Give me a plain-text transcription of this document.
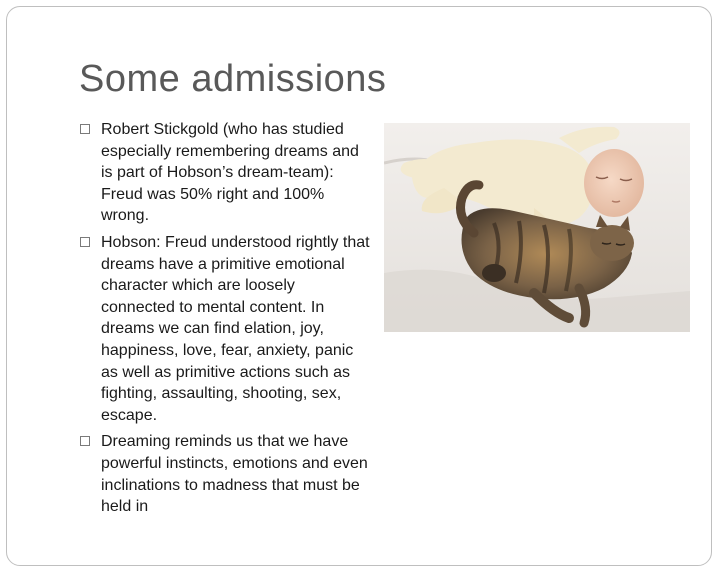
Some admissions
Robert Stickgold (who has studied especially remembering dreams and is part of Hobson’s dream-team): Freud was 50% right and 100% wrong.
Hobson: Freud understood rightly that dreams have a primitive emotional character which are loosely connected to mental content. In dreams we can find elation, joy, happiness, love, fear, anxiety, panic as well as primitive actions such as fighting, assaulting, shooting, sex, escape.
Dreaming reminds us that we have powerful instincts, emotions and even inclinations to madness that must be held in
